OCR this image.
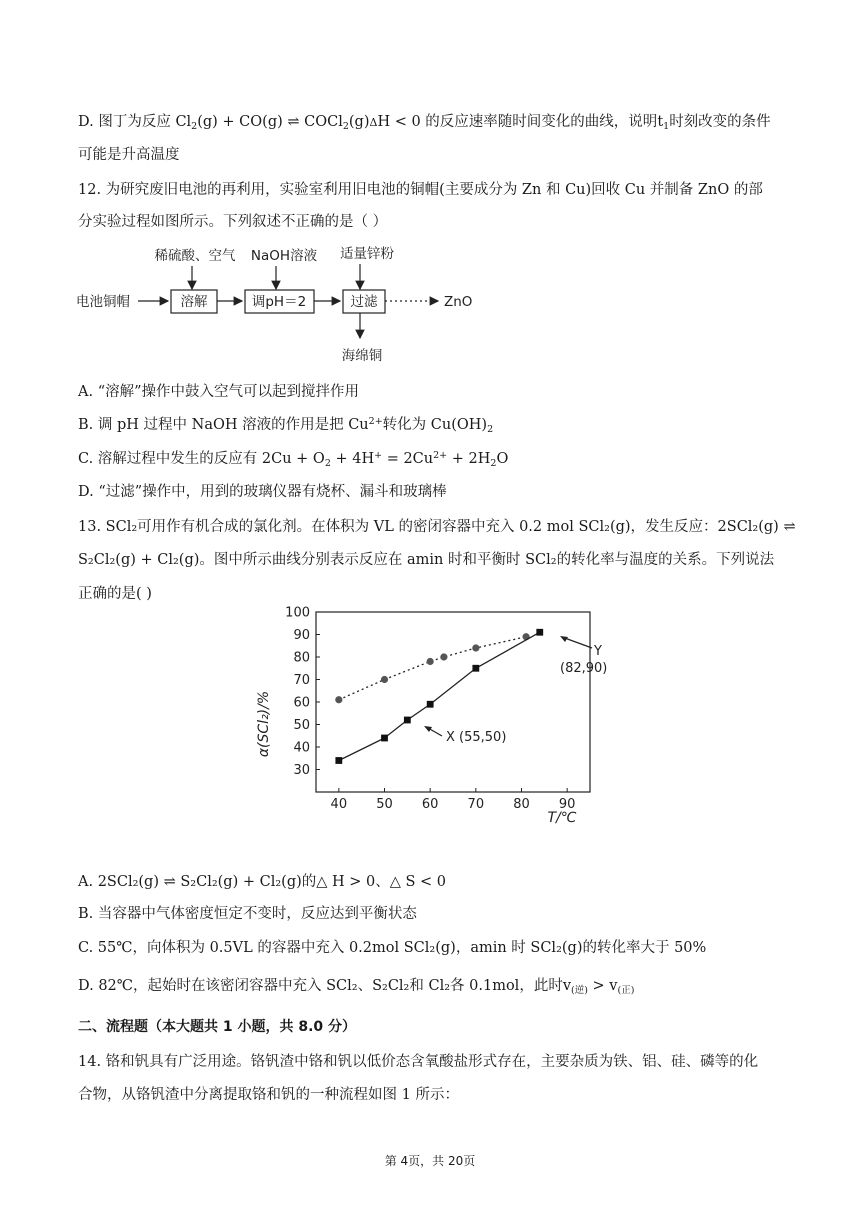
D. 图丁为反应 $Cl_2(g) + CO(g)$ ⇌ COCl$_2$(g)ΔH < 0 的反应速率随时间变化的曲线，说明$t_1$时刻改变的条件
可能是升高温度
12. 为研究废旧电池的再利用，实验室利用旧电池的铜帽(主要成分为 Zn 和 Cu)回收 Cu 并制备 ZnO 的部
分实验过程如图所示。下列叙述不正确的是（ ）
稀硫酸、空气 NaOH溶液 适量锌粉
电池铜帽	溶解	调pH＝2	过滤	ZnO
海绵铜
A. “溶解”操作中鼓入空气可以起到搅拌作用
B. 调 pH 过程中 NaOH 溶液的作用是把 $Cu^{2+}$转化为 $Cu(OH)_2$
C. 溶解过程中发生的反应有 $2Cu + O_2 + 4H^+ = 2Cu^{2+} + 2H_2O$
D. “过滤”操作中，用到的玻璃仪器有烧杯、漏斗和玻璃棒
13. SCl₂可用作有机合成的氯化剂。在体积为 VL 的密闭容器中充入 0.2 mol SCl₂(g)，发生反应：2SCl₂(g) ⇌
S₂Cl₂(g) + Cl₂(g)。图中所示曲线分别表示反应在 amin 时和平衡时 SCl₂的转化率与温度的关系。下列说法
正确的是( )
40 50 60 70 80 90
30
40
50
60
70
80
90
100
α(SCl₂)/%
T/℃
Y
(82,90)
X (55,50)
A. 2SCl₂(g) ⇌ S₂Cl₂(g) + Cl₂(g)的△ H > 0、△ S < 0
B. 当容器中气体密度恒定不变时，反应达到平衡状态
C. 55℃，向体积为 0.5VL 的容器中充入 0.2mol SCl₂(g)，amin 时 SCl₂(g)的转化率大于 50%
D. 82℃，起始时在该密闭容器中充入 SCl₂、S₂Cl₂和 Cl₂各 0.1mol，此时$v_{(逆)} > v_{(正)}$
二、流程题（本大题共 1 小题，共 8.0 分）
14. 铬和钒具有广泛用途。铬钒渣中铬和钒以低价态含氧酸盐形式存在，主要杂质为铁、铝、硅、磷等的化
合物，从铬钒渣中分离提取铬和钒的一种流程如图 1 所示：
第 4页，共 20页
